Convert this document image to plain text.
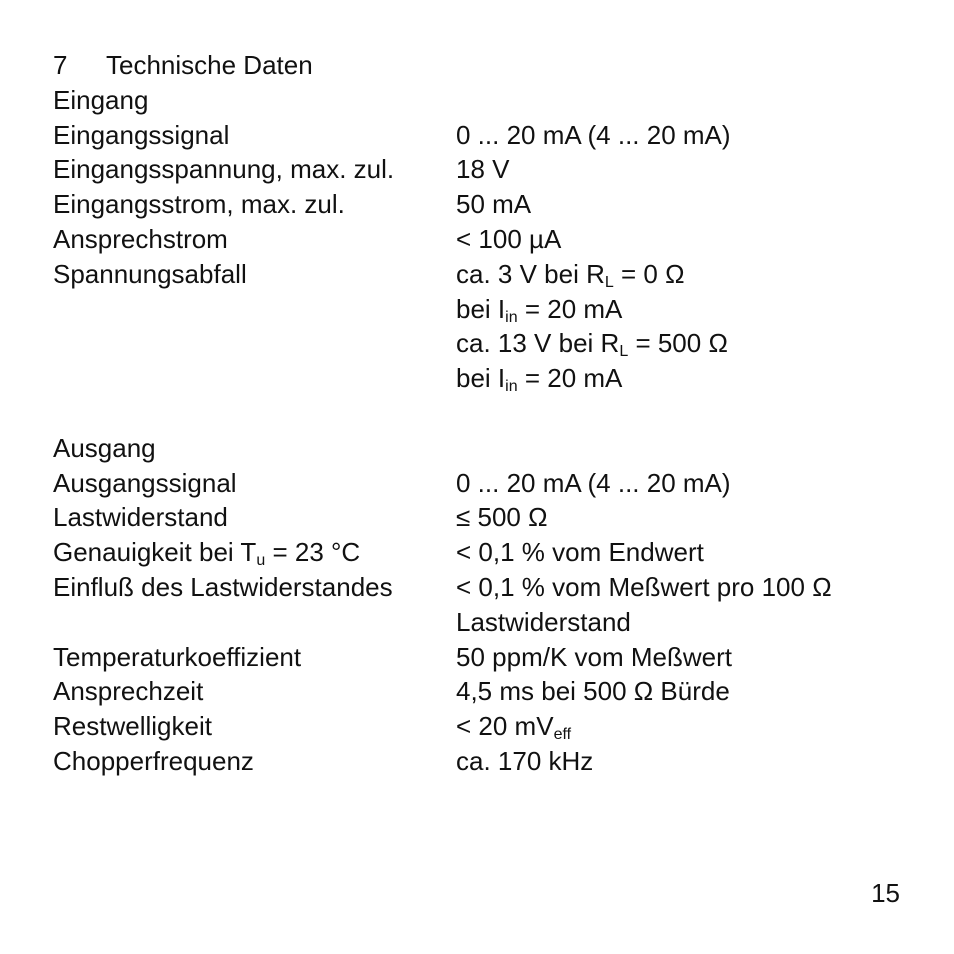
7	Technische Daten
Eingang
Eingangssignal	0 ... 20 mA (4 ... 20 mA)
Eingangsspannung, max. zul.	18 V
Eingangsstrom, max. zul.	50 mA
Ansprechstrom	< 100 µA
Spannungsabfall	ca. 3 V bei $R_L = 0$ Ω
bei $I_{in} = 20$ mA
ca. 13 V bei $R_L = 500$ Ω
bei $I_{in} = 20$ mA
Ausgang
Ausgangssignal	0 ... 20 mA (4 ... 20 mA)
Lastwiderstand	≤ 500 Ω
Genauigkeit bei $T_u = 23$ °C	< 0,1 % vom Endwert
Einfluß des Lastwiderstandes	< 0,1 % vom Meßwert pro 100 Ω
Lastwiderstand
Temperaturkoeffizient	50 ppm/K vom Meßwert
Ansprechzeit	4,5 ms bei 500 Ω Bürde
Restwelligkeit	< 20 $mV_{eff}$
Chopperfrequenz	ca. 170 kHz
15
